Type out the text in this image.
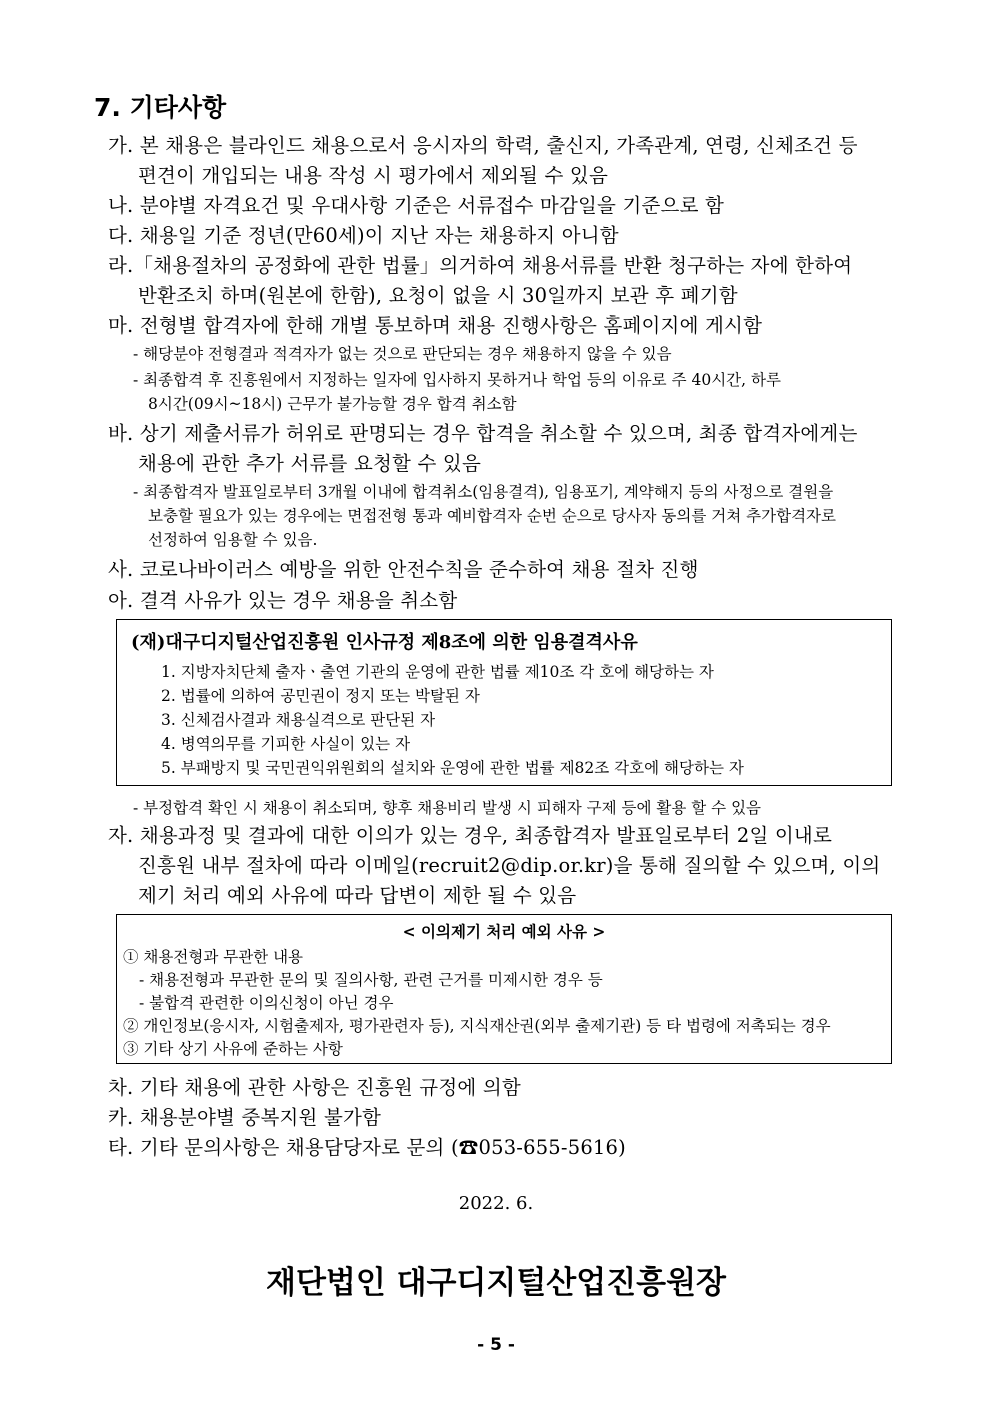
7. 기타사항
가. 본 채용은 블라인드 채용으로서 응시자의 학력, 출신지, 가족관계, 연령, 신체조건 등
편견이 개입되는 내용 작성 시 평가에서 제외될 수 있음
나. 분야별 자격요건 및 우대사항 기준은 서류접수 마감일을 기준으로 함
다. 채용일 기준 정년(만60세)이 지난 자는 채용하지 아니함
라.「채용절차의 공정화에 관한 법률」의거하여 채용서류를 반환 청구하는 자에 한하여
반환조치 하며(원본에 한함), 요청이 없을 시 30일까지 보관 후 폐기함
마. 전형별 합격자에 한해 개별 통보하며 채용 진행사항은 홈페이지에 게시함
- 해당분야 전형결과 적격자가 없는 것으로 판단되는 경우 채용하지 않을 수 있음
- 최종합격 후 진흥원에서 지정하는 일자에 입사하지 못하거나 학업 등의 이유로 주 40시간, 하루
8시간(09시~18시) 근무가 불가능할 경우 합격 취소함
바. 상기 제출서류가 허위로 판명되는 경우 합격을 취소할 수 있으며, 최종 합격자에게는
채용에 관한 추가 서류를 요청할 수 있음
- 최종합격자 발표일로부터 3개월 이내에 합격취소(임용결격), 임용포기, 계약해지 등의 사정으로 결원을
보충할 필요가 있는 경우에는 면접전형 통과 예비합격자 순번 순으로 당사자 동의를 거쳐 추가합격자로
선정하여 임용할 수 있음.
사. 코로나바이러스 예방을 위한 안전수칙을 준수하여 채용 절차 진행
아. 결격 사유가 있는 경우 채용을 취소함
(재)대구디지털산업진흥원 인사규정 제8조에 의한 임용결격사유
1. 지방자치단체 출자ㆍ출연 기관의 운영에 관한 법률 제10조 각 호에 해당하는 자
2. 법률에 의하여 공민권이 정지 또는 박탈된 자
3. 신체검사결과 채용실격으로 판단된 자
4. 병역의무를 기피한 사실이 있는 자
5. 부패방지 및 국민권익위원회의 설치와 운영에 관한 법률 제82조 각호에 해당하는 자
- 부정합격 확인 시 채용이 취소되며, 향후 채용비리 발생 시 피해자 구제 등에 활용 할 수 있음
자. 채용과정 및 결과에 대한 이의가 있는 경우, 최종합격자 발표일로부터 2일 이내로
진흥원 내부 절차에 따라 이메일(recruit2@dip.or.kr)을 통해 질의할 수 있으며, 이의
제기 처리 예외 사유에 따라 답변이 제한 될 수 있음
< 이의제기 처리 예외 사유 >
① 채용전형과 무관한 내용
- 채용전형과 무관한 문의 및 질의사항, 관련 근거를 미제시한 경우 등
- 불합격 관련한 이의신청이 아닌 경우
② 개인정보(응시자, 시험출제자, 평가관련자 등), 지식재산권(외부 출제기관) 등 타 법령에 저촉되는 경우
③ 기타 상기 사유에 준하는 사항
차. 기타 채용에 관한 사항은 진흥원 규정에 의함
카. 채용분야별 중복지원 불가함
타. 기타 문의사항은 채용담당자로 문의 (☎053-655-5616)
2022. 6.
재단법인 대구디지털산업진흥원장
- 5 -
